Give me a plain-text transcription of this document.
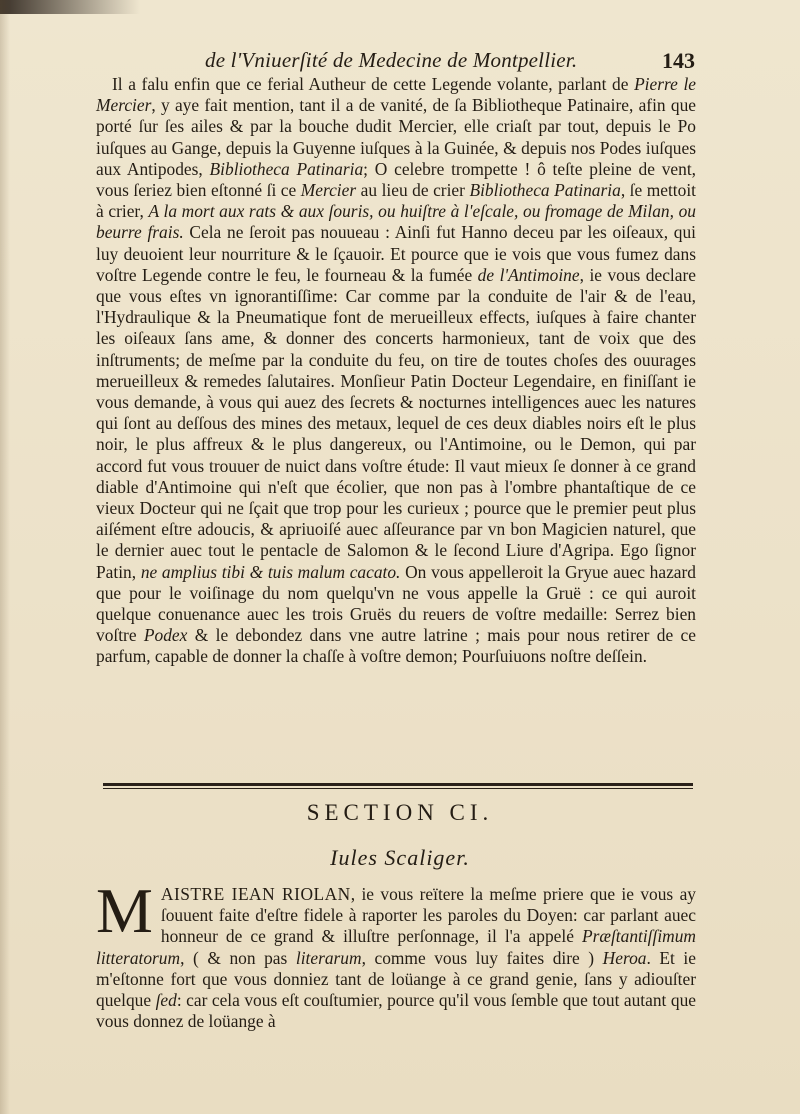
de l'Vniuerſité de Medecine de Montpellier.	143

Il a falu enfin que ce ferial Autheur de cette Legende volante, parlant de Pierre le Mercier, y aye fait mention, tant il a de vanité, de ſa Bibliotheque Patinaire, afin que porté ſur ſes ailes & par la bouche dudit Mercier, elle criaſt par tout, depuis le Po iuſques au Gange, depuis la Guyenne iuſques à la Guinée, & depuis nos Podes iuſques aux Antipodes, Bibliotheca Patinaria; O celebre trompette ! ô teſte pleine de vent, vous ſeriez bien eſtonné ſi ce Mercier au lieu de crier Bibliotheca Patinaria, ſe mettoit à crier, A la mort aux rats & aux ſouris, ou huiſtre à l'eſcale, ou fromage de Milan, ou beurre frais. Cela ne ſeroit pas nouueau : Ainſi fut Hanno deceu par les oiſeaux, qui luy deuoient leur nourriture & le ſçauoir. Et pource que ie vois que vous fumez dans voſtre Legende contre le feu, le fourneau & la fumée de l'Antimoine, ie vous declare que vous eſtes vn ignorantiſſime: Car comme par la conduite de l'air & de l'eau, l'Hydraulique & la Pneumatique font de merueilleux effects, iuſques à faire chanter les oiſeaux ſans ame, & donner des concerts harmonieux, tant de voix que des inſtruments; de meſme par la conduite du feu, on tire de toutes choſes des ouurages merueilleux & remedes ſalutaires. Monſieur Patin Docteur Legendaire, en finiſſant ie vous demande, à vous qui auez des ſecrets & nocturnes intelligences auec les natures qui ſont au deſſous des mines des metaux, lequel de ces deux diables noirs eſt le plus noir, le plus affreux & le plus dangereux, ou l'Antimoine, ou le Demon, qui par accord fut vous trouuer de nuict dans voſtre étude: Il vaut mieux ſe donner à ce grand diable d'Antimoine qui n'eſt que écolier, que non pas à l'ombre phantaſtique de ce vieux Docteur qui ne ſçait que trop pour les curieux ; pource que le premier peut plus aiſément eſtre adoucis, & apriuoiſé auec aſſeurance par vn bon Magicien naturel, que le dernier auec tout le pentacle de Salomon & le ſecond Liure d'Agripa. Ego ſignor Patin, ne amplius tibi & tuis malum cacato. On vous appelleroit la Gryue auec hazard que pour le voiſinage du nom quelqu'vn ne vous appelle la Gruë : ce qui auroit quelque conuenance auec les trois Gruës du reuers de voſtre medaille: Serrez bien voſtre Podex & le debondez dans vne autre latrine ; mais pour nous retirer de ce parfum, capable de donner la chaſſe à voſtre demon; Pourſuiuons noſtre deſſein.

SECTION CI.
Iules Scaliger.
M AISTRE IEAN RIOLAN, ie vous reïtere la meſme priere que ie vous ay ſouuent faite d'eſtre fidele à raporter les paroles du Doyen: car parlant auec honneur de ce grand & illuſtre perſonnage, il l'a appelé Præſtantiſſimum litteratorum, ( & non pas literarum, comme vous luy faites dire ) Heroa. Et ie m'eſtonne fort que vous donniez tant de loüange à ce grand genie, ſans y adiouſter quelque ſed: car cela vous eſt couſtumier, pource qu'il vous ſemble que tout autant que vous donnez de loüange à
